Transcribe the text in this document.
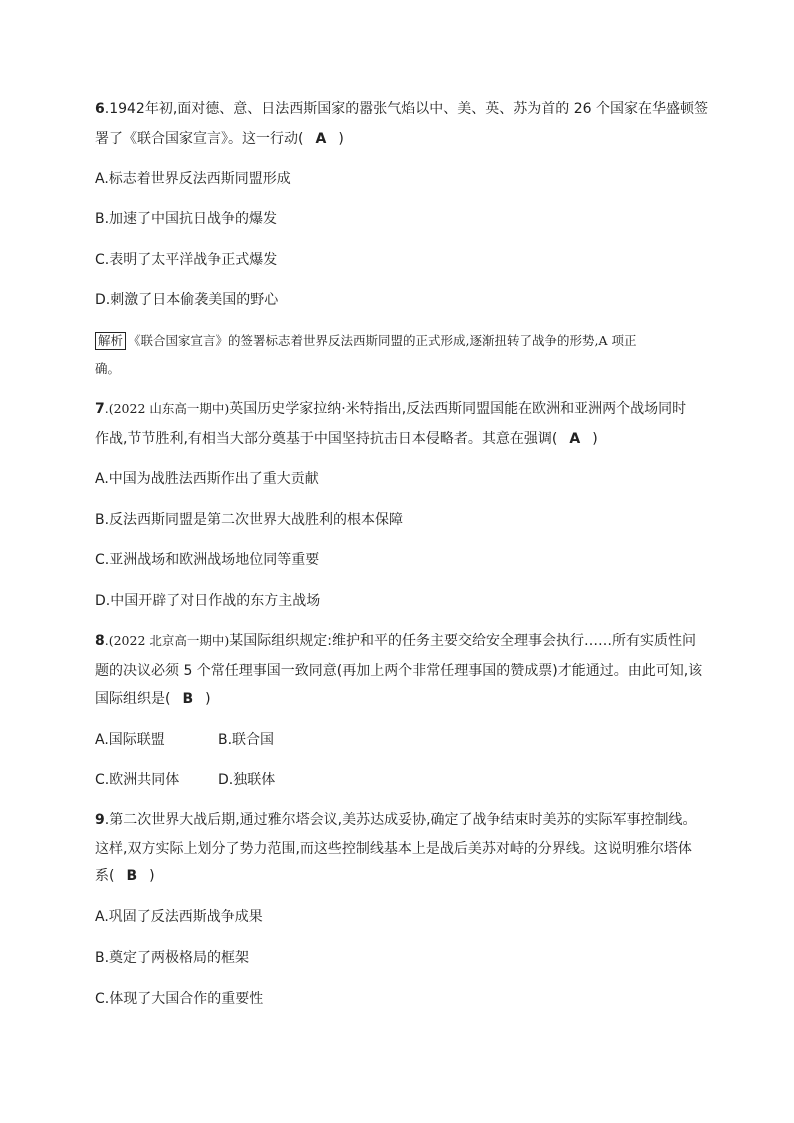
6.1942年初,面对德、意、日法西斯国家的嚣张气焰以中、美、英、苏为首的 26 个国家在华盛顿签
署了《联合国家宣言》。这一行动( A )
A.标志着世界反法西斯同盟形成
B.加速了中国抗日战争的爆发
C.表明了太平洋战争正式爆发
D.刺激了日本偷袭美国的野心
解析 《联合国家宣言》的签署标志着世界反法西斯同盟的正式形成,逐渐扭转了战争的形势,A 项正
确。
7.(2022 山东高一期中)英国历史学家拉纳·米特指出,反法西斯同盟国能在欧洲和亚洲两个战场同时
作战,节节胜利,有相当大部分奠基于中国坚持抗击日本侵略者。其意在强调( A )
A.中国为战胜法西斯作出了重大贡献
B.反法西斯同盟是第二次世界大战胜利的根本保障
C.亚洲战场和欧洲战场地位同等重要
D.中国开辟了对日作战的东方主战场
8.(2022 北京高一期中)某国际组织规定:维护和平的任务主要交给安全理事会执行……所有实质性问
题的决议必须 5 个常任理事国一致同意(再加上两个非常任理事国的赞成票)才能通过。由此可知,该
国际组织是( B )
A.国际联盟	B.联合国
C.欧洲共同体	D.独联体
9.第二次世界大战后期,通过雅尔塔会议,美苏达成妥协,确定了战争结束时美苏的实际军事控制线。
这样,双方实际上划分了势力范围,而这些控制线基本上是战后美苏对峙的分界线。这说明雅尔塔体
系( B )
A.巩固了反法西斯战争成果
B.奠定了两极格局的框架
C.体现了大国合作的重要性
